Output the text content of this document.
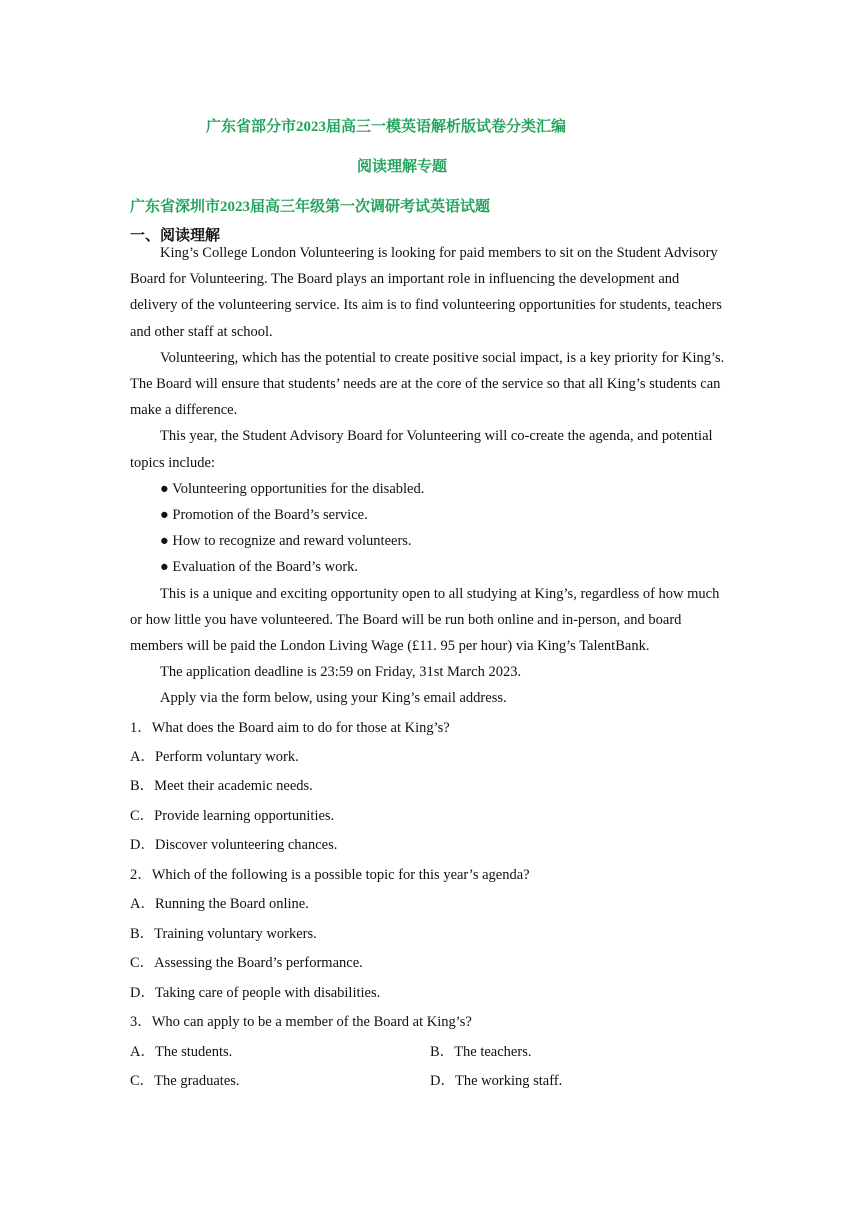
广东省部分市2023届高三一模英语解析版试卷分类汇编
阅读理解专题
广东省深圳市2023届高三年级第一次调研考试英语试题
一、阅读理解

King’s College London Volunteering is looking for paid members to sit on the Student Advisory Board for Volunteering. The Board plays an important role in influencing the development and delivery of the volunteering service. Its aim is to find volunteering opportunities for students, teachers and other staff at school.

Volunteering, which has the potential to create positive social impact, is a key priority for King’s. The Board will ensure that students’ needs are at the core of the service so that all King’s students can make a difference.

This year, the Student Advisory Board for Volunteering will co-create the agenda, and potential topics include:

● Volunteering opportunities for the disabled.

● Promotion of the Board’s service.

● How to recognize and reward volunteers.

● Evaluation of the Board’s work.

This is a unique and exciting opportunity open to all studying at King’s, regardless of how much or how little you have volunteered. The Board will be run both online and in-person, and board members will be paid the London Living Wage (£11. 95 per hour) via King’s TalentBank.

The application deadline is 23:59 on Friday, 31st March 2023.

Apply via the form below, using your King’s email address.

1．What does the Board aim to do for those at King’s?
A．Perform voluntary work.
B．Meet their academic needs.
C．Provide learning opportunities.
D．Discover volunteering chances.
2．Which of the following is a possible topic for this year’s agenda?
A．Running the Board online.
B．Training voluntary workers.
C．Assessing the Board’s performance.
D．Taking care of people with disabilities.
3．Who can apply to be a member of the Board at King’s?
A．The students.	B．The teachers.
C．The graduates.	D．The working staff.
